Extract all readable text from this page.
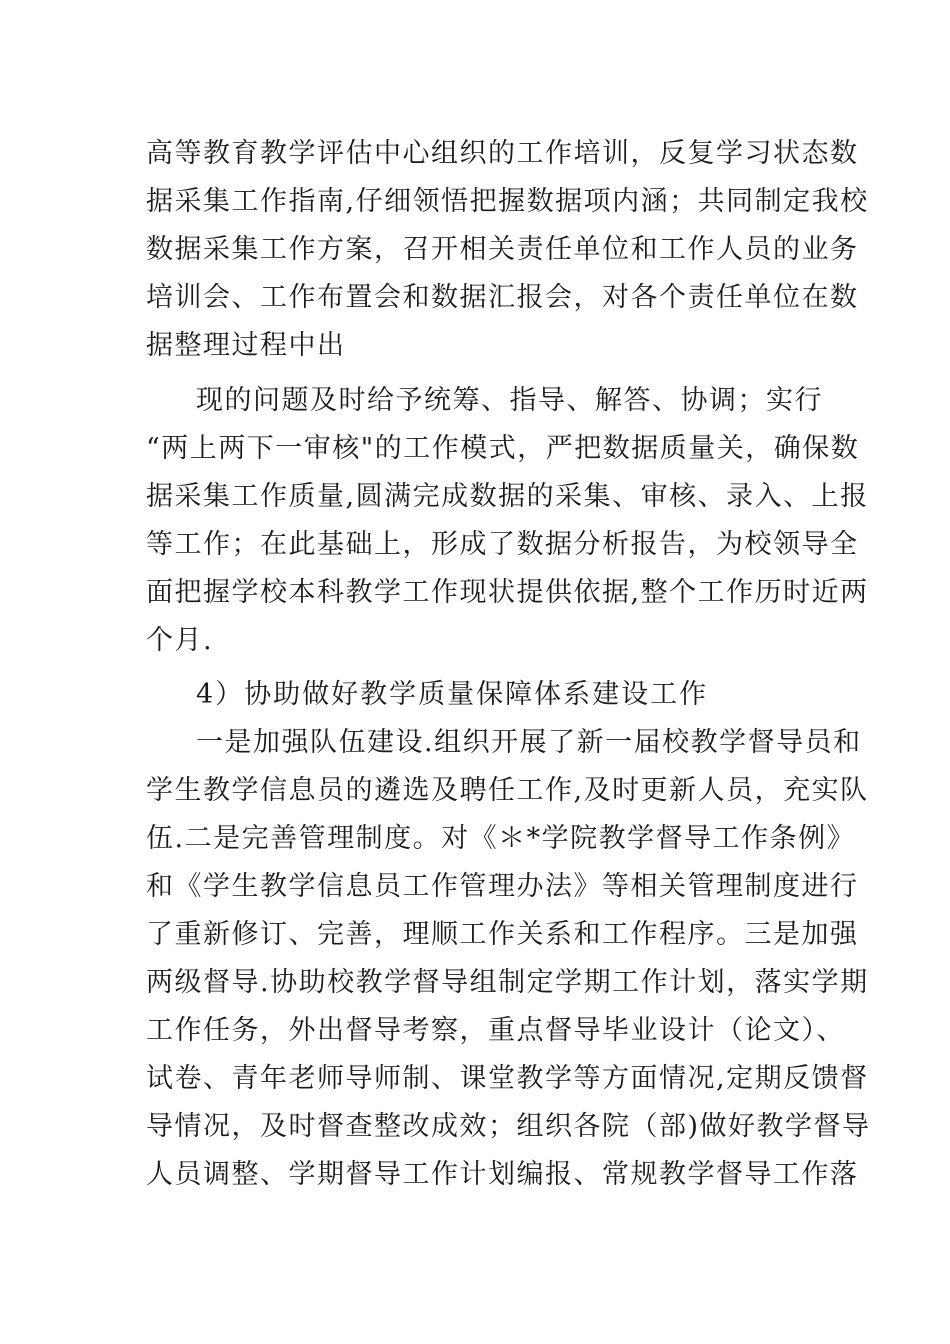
高等教育教学评估中心组织的工作培训，反复学习状态数
据采集工作指南,仔细领悟把握数据项内涵；共同制定我校
数据采集工作方案，召开相关责任单位和工作人员的业务
培训会、工作布置会和数据汇报会，对各个责任单位在数
据整理过程中出
现的问题及时给予统筹、指导、解答、协调；实行
“两上两下一审核"的工作模式，严把数据质量关，确保数
据采集工作质量,圆满完成数据的采集、审核、录入、上报
等工作；在此基础上，形成了数据分析报告，为校领导全
面把握学校本科教学工作现状提供依据,整个工作历时近两
个月.
4）协助做好教学质量保障体系建设工作
一是加强队伍建设.组织开展了新一届校教学督导员和
学生教学信息员的遴选及聘任工作,及时更新人员，充实队
伍.二是完善管理制度。对《＊*学院教学督导工作条例》
和《学生教学信息员工作管理办法》等相关管理制度进行
了重新修订、完善，理顺工作关系和工作程序。三是加强
两级督导.协助校教学督导组制定学期工作计划，落实学期
工作任务，外出督导考察，重点督导毕业设计（论文）、
试卷、青年老师导师制、课堂教学等方面情况,定期反馈督
导情况，及时督查整改成效；组织各院（部)做好教学督导
人员调整、学期督导工作计划编报、常规教学督导工作落
